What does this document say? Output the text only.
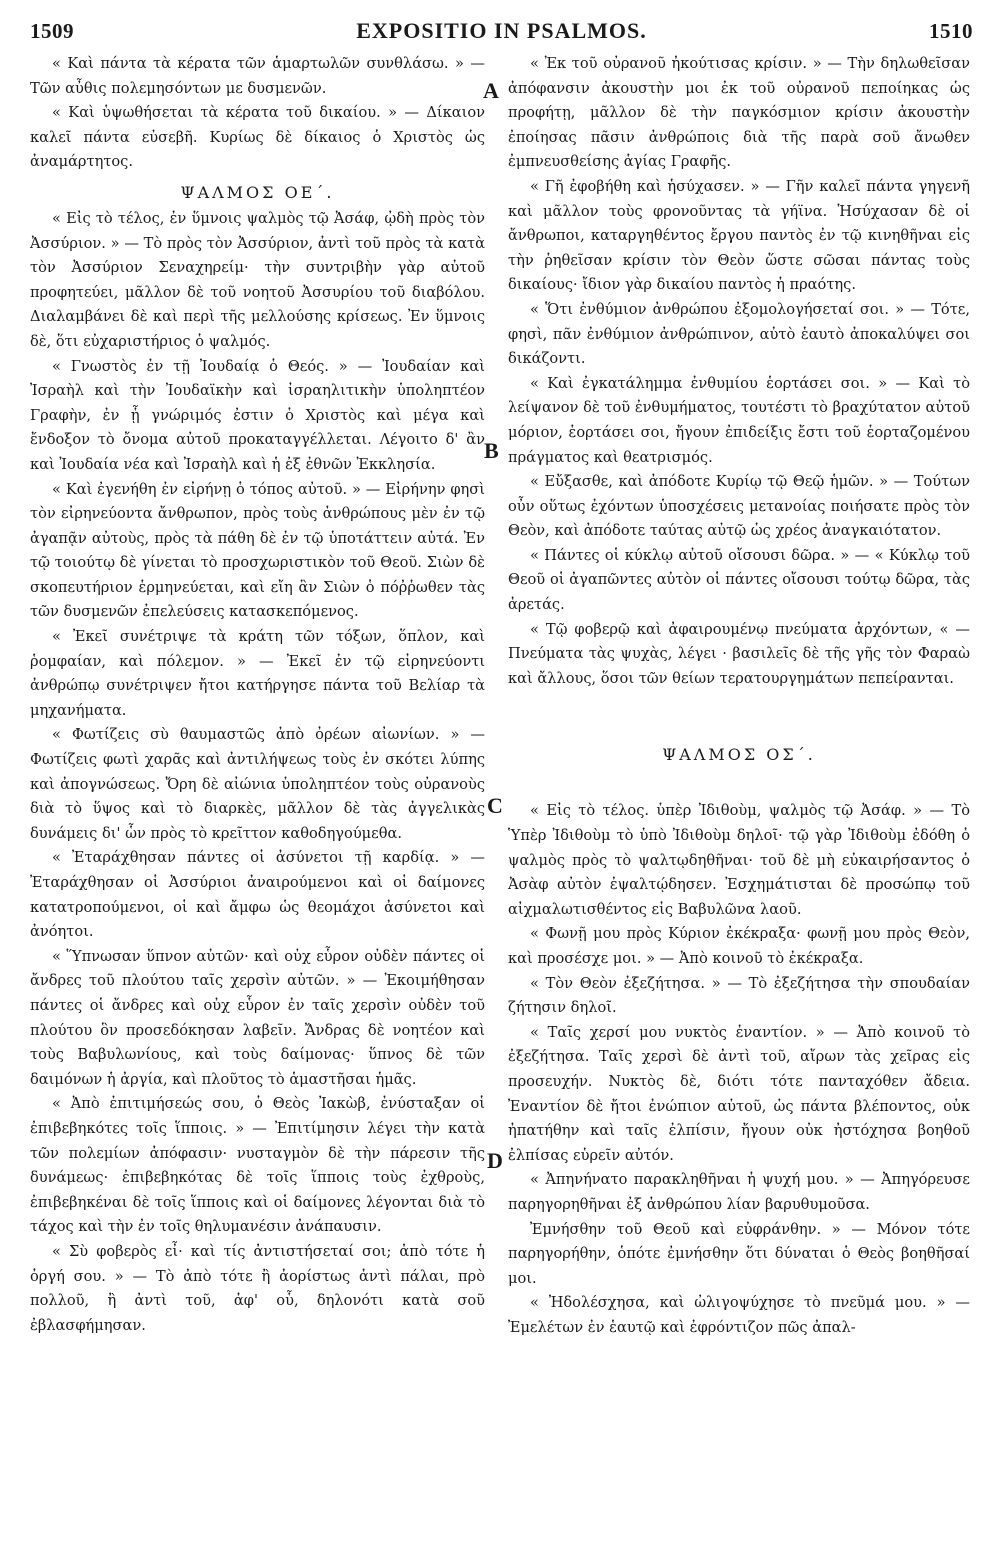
1509	EXPOSITIO IN PSALMOS.	1510
A
B
C
D

« Καὶ πάντα τὰ κέρατα τῶν ἁμαρτωλῶν συνθλάσω. » — Τῶν αὖθις πολεμησόντων με δυσμενῶν.

« Καὶ ὑψωθήσεται τὰ κέρατα τοῦ δικαίου. » — Δίκαιον καλεῖ πάντα εὐσεβῆ. Κυρίως δὲ δίκαιος ὁ Χριστὸς ὡς ἀναμάρτητος.

ΨΑΛΜΟΣ ΟΕ΄.

« Εἰς τὸ τέλος, ἐν ὕμνοις ψαλμὸς τῷ Ἀσάφ, ᾠδὴ πρὸς τὸν Ἀσσύριον. » — Τὸ πρὸς τὸν Ἀσσύριον, ἀντὶ τοῦ πρὸς τὰ κατὰ τὸν Ἀσσύριον Σεναχηρείμ· τὴν συντριβὴν γὰρ αὐτοῦ προφητεύει, μᾶλλον δὲ τοῦ νοητοῦ Ἀσσυρίου τοῦ διαβόλου. Διαλαμβάνει δὲ καὶ περὶ τῆς μελλούσης κρίσεως. Ἐν ὕμνοις δὲ, ὅτι εὐχαριστήριος ὁ ψαλμός.

« Γνωστὸς ἐν τῇ Ἰουδαίᾳ ὁ Θεός. » — Ἰουδαίαν καὶ Ἰσραὴλ καὶ τὴν Ἰουδαϊκὴν καὶ ἰσραηλιτικὴν ὑποληπτέον Γραφὴν, ἐν ᾗ γνώριμός ἐστιν ὁ Χριστὸς καὶ μέγα καὶ ἔνδοξον τὸ ὄνομα αὐτοῦ προκαταγγέλλεται. Λέγοιτο δ' ἂν καὶ Ἰουδαία νέα καὶ Ἰσραὴλ καὶ ἡ ἐξ ἐθνῶν Ἐκκλησία.

« Καὶ ἐγενήθη ἐν εἰρήνῃ ὁ τόπος αὐτοῦ. » — Εἰρήνην φησὶ τὸν εἰρηνεύοντα ἄνθρωπον, πρὸς τοὺς ἀνθρώπους μὲν ἐν τῷ ἀγαπᾷν αὐτοὺς, πρὸς τὰ πάθη δὲ ἐν τῷ ὑποτάττειν αὐτά. Ἐν τῷ τοιούτῳ δὲ γίνεται τὸ προσχωριστικὸν τοῦ Θεοῦ. Σιὼν δὲ σκοπευτήριον ἑρμηνεύεται, καὶ εἴη ἂν Σιὼν ὁ πόῤῥωθεν τὰς τῶν δυσμενῶν ἐπελεύσεις κατασκεπόμενος.

« Ἐκεῖ συνέτριψε τὰ κράτη τῶν τόξων, ὅπλον, καὶ ῥομφαίαν, καὶ πόλεμον. » — Ἐκεῖ ἐν τῷ εἰρηνεύοντι ἀνθρώπῳ συνέτριψεν ἤτοι κατήργησε πάντα τοῦ Βελίαρ τὰ μηχανήματα.

« Φωτίζεις σὺ θαυμαστῶς ἀπὸ ὀρέων αἰωνίων. » — Φωτίζεις φωτὶ χαρᾶς καὶ ἀντιλήψεως τοὺς ἐν σκότει λύπης καὶ ἀπογνώσεως. Ὄρη δὲ αἰώνια ὑποληπτέον τοὺς οὐρανοὺς διὰ τὸ ὕψος καὶ τὸ διαρκὲς, μᾶλλον δὲ τὰς ἀγγελικὰς δυνάμεις δι' ὧν πρὸς τὸ κρεῖττον καθοδηγούμεθα.

« Ἐταράχθησαν πάντες οἱ ἀσύνετοι τῇ καρδίᾳ. » — Ἐταράχθησαν οἱ Ἀσσύριοι ἀναιρούμενοι καὶ οἱ δαίμονες κατατροπούμενοι, οἱ καὶ ἄμφω ὡς θεομάχοι ἀσύνετοι καὶ ἀνόητοι.

« Ὕπνωσαν ὕπνον αὐτῶν· καὶ οὐχ εὗρον οὐδὲν πάντες οἱ ἄνδρες τοῦ πλούτου ταῖς χερσὶν αὐτῶν. » — Ἐκοιμήθησαν πάντες οἱ ἄνδρες καὶ οὐχ εὗρον ἐν ταῖς χερσὶν οὐδὲν τοῦ πλούτου ὃν προσεδόκησαν λαβεῖν. Ἄνδρας δὲ νοητέον καὶ τοὺς Βαβυλωνίους, καὶ τοὺς δαίμονας· ὕπνος δὲ τῶν δαιμόνων ἡ ἀργία, καὶ πλοῦτος τὸ ἁμαστῆσαι ἡμᾶς.

« Ἀπὸ ἐπιτιμήσεώς σου, ὁ Θεὸς Ἰακὼβ, ἐνύσταξαν οἱ ἐπιβεβηκότες τοῖς ἵπποις. » — Ἐπιτίμησιν λέγει τὴν κατὰ τῶν πολεμίων ἀπόφασιν· νυσταγμὸν δὲ τὴν πάρεσιν τῆς δυνάμεως· ἐπιβεβηκότας δὲ τοῖς ἵπποις τοὺς ἐχθροὺς, ἐπιβεβηκέναι δὲ τοῖς ἵπποις καὶ οἱ δαίμονες λέγονται διὰ τὸ τάχος καὶ τὴν ἐν τοῖς θηλυμανέσιν ἀνάπαυσιν.

« Σὺ φοβερὸς εἶ· καὶ τίς ἀντιστήσεταί σοι; ἀπὸ τότε ἡ ὀργή σου. » — Τὸ ἀπὸ τότε ἢ ἀορίστως ἀντὶ πάλαι, πρὸ πολλοῦ, ἢ ἀντὶ τοῦ, ἀφ' οὗ, δηλονότι κατὰ σοῦ ἐβλασφήμησαν.

« Ἐκ τοῦ οὐρανοῦ ἠκούτισας κρίσιν. » — Τὴν δηλωθεῖσαν ἀπόφανσιν ἀκουστὴν μοι ἐκ τοῦ οὐρανοῦ πεποίηκας ὡς προφήτῃ, μᾶλλον δὲ τὴν παγκόσμιον κρίσιν ἀκουστὴν ἐποίησας πᾶσιν ἀνθρώποις διὰ τῆς παρὰ σοῦ ἄνωθεν ἐμπνευσθείσης ἁγίας Γραφῆς.

« Γῆ ἐφοβήθη καὶ ἡσύχασεν. » — Γῆν καλεῖ πάντα γηγενῆ καὶ μᾶλλον τοὺς φρονοῦντας τὰ γήϊνα. Ἡσύχασαν δὲ οἱ ἄνθρωποι, καταργηθέντος ἔργου παντὸς ἐν τῷ κινηθῆναι εἰς τὴν ῥηθεῖσαν κρίσιν τὸν Θεὸν ὥστε σῶσαι πάντας τοὺς δικαίους· ἴδιον γὰρ δικαίου παντὸς ἡ πραότης.

« Ὅτι ἐνθύμιον ἀνθρώπου ἐξομολογήσεταί σοι. » — Τότε, φησὶ, πᾶν ἐνθύμιον ἀνθρώπινον, αὐτὸ ἑαυτὸ ἀποκαλύψει σοι δικάζοντι.

« Καὶ ἐγκατάλημμα ἐνθυμίου ἑορτάσει σοι. » — Καὶ τὸ λείψανον δὲ τοῦ ἐνθυμήματος, τουτέστι τὸ βραχύτατον αὐτοῦ μόριον, ἑορτάσει σοι, ἤγουν ἐπιδείξις ἔστι τοῦ ἑορταζομένου πράγματος καὶ θεατρισμός.

« Εὔξασθε, καὶ ἀπόδοτε Κυρίῳ τῷ Θεῷ ἡμῶν. » — Τούτων οὖν οὕτως ἐχόντων ὑποσχέσεις μετανοίας ποιήσατε πρὸς τὸν Θεὸν, καὶ ἀπόδοτε ταύτας αὐτῷ ὡς χρέος ἀναγκαιότατον.

« Πάντες οἱ κύκλῳ αὐτοῦ οἴσουσι δῶρα. » — « Κύκλῳ τοῦ Θεοῦ οἱ ἀγαπῶντες αὐτὸν οἱ πάντες οἴσουσι τούτῳ δῶρα, τὰς ἀρετάς.

« Τῷ φοβερῷ καὶ ἀφαιρουμένῳ πνεύματα ἀρχόντων, « — Πνεύματα τὰς ψυχὰς, λέγει · βασιλεῖς δὲ τῆς γῆς τὸν Φαραὼ καὶ ἄλλους, ὅσοι τῶν θείων τερατουργημάτων πεπείρανται.

ΨΑΛΜΟΣ ΟΣ΄.

« Εἰς τὸ τέλος. ὑπὲρ Ἰδιθοὺμ, ψαλμὸς τῷ Ἀσάφ. » — Τὸ Ὑπὲρ Ἰδιθοὺμ τὸ ὑπὸ Ἰδιθοὺμ δηλοῖ· τῷ γὰρ Ἰδιθοὺμ ἐδόθη ὁ ψαλμὸς πρὸς τὸ ψαλτῳδηθῆναι· τοῦ δὲ μὴ εὐκαιρήσαντος ὁ Ἀσὰφ αὐτὸν ἐψαλτῴδησεν. Ἐσχημάτισται δὲ προσώπῳ τοῦ αἰχμαλωτισθέντος εἰς Βαβυλῶνα λαοῦ.

« Φωνῇ μου πρὸς Κύριον ἐκέκραξα· φωνῇ μου πρὸς Θεὸν, καὶ προσέσχε μοι. » — Ἀπὸ κοινοῦ τὸ ἐκέκραξα.

« Τὸν Θεὸν ἐξεζήτησα. » — Τὸ ἐξεζήτησα τὴν σπουδαίαν ζήτησιν δηλοῖ.

« Ταῖς χερσί μου νυκτὸς ἐναντίον. » — Ἀπὸ κοινοῦ τὸ ἐξεζήτησα. Ταῖς χερσὶ δὲ ἀντὶ τοῦ, αἴρων τὰς χεῖρας εἰς προσευχήν. Νυκτὸς δὲ, διότι τότε πανταχόθεν ἄδεια. Ἐναντίον δὲ ἤτοι ἐνώπιον αὐτοῦ, ὡς πάντα βλέποντος, οὐκ ἠπατήθην καὶ ταῖς ἐλπίσιν, ἤγουν οὐκ ἠστόχησα βοηθοῦ ἐλπίσας εὑρεῖν αὐτόν.

« Ἀπηνήνατο παρακληθῆναι ἡ ψυχή μου. » — Ἀπηγόρευσε παρηγορηθῆναι ἐξ ἀνθρώπου λίαν βαρυθυμοῦσα.

Ἐμνήσθην τοῦ Θεοῦ καὶ εὐφράνθην. » — Μόνον τότε παρηγορήθην, ὁπότε ἐμνήσθην ὅτι δύναται ὁ Θεὸς βοηθῆσαί μοι.

« Ἠδολέσχησα, καὶ ὠλιγοψύχησε τὸ πνεῦμά μου. » — Ἐμελέτων ἐν ἑαυτῷ καὶ ἐφρόντιζον πῶς ἀπαλ-
